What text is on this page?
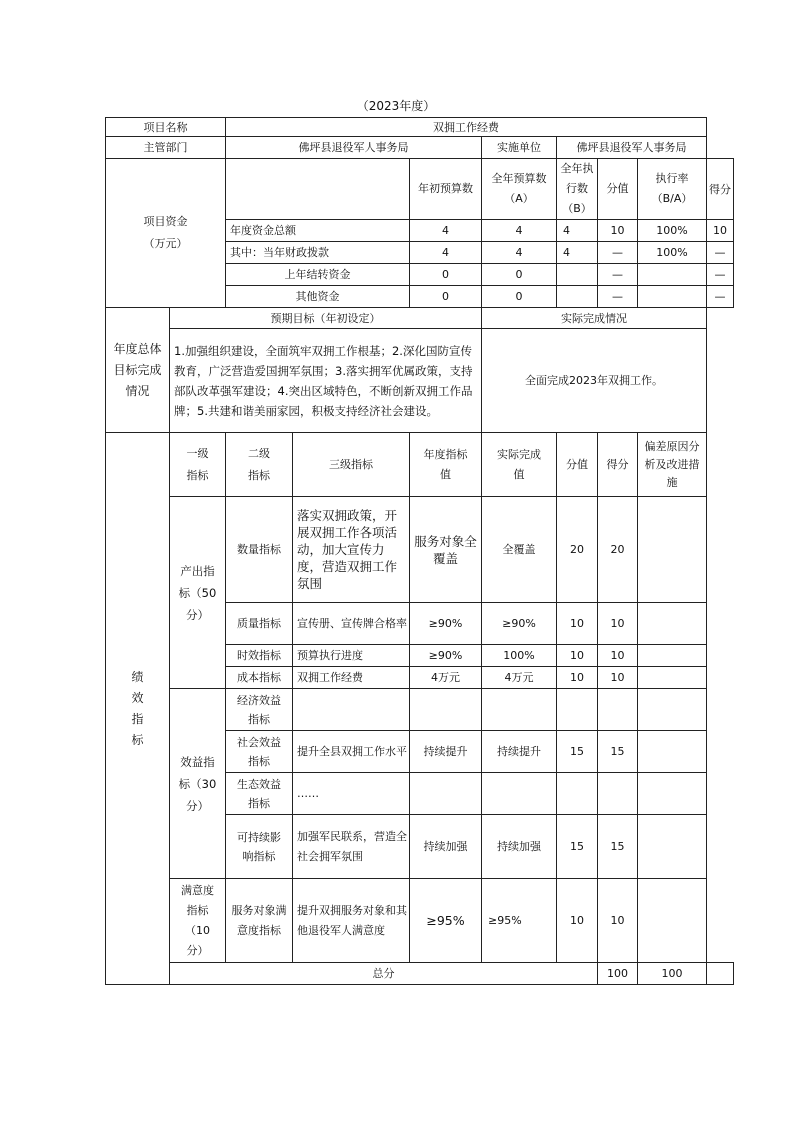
（2023年度）
项目名称		双拥工作经费							
主管部门		佛坪县退役军人事务局			实施单位	佛坪县退役军人事务局			
项目资金
（万元）				年初预算数	全年预算数（A）	全年执行数（B）	分值	执行率（B/A）	得分
		年度资金总额		4	4	4	10	100%	10
		其中：当年财政拨款		4	4	4	—	100%	—
		上年结转资金		0	0		—		—
		其他资金		0	0		—		—
年度总体目标完成情况	预期目标（年初设定）				实际完成情况				
	1.加强组织建设，全面筑牢双拥工作根基；2.深化国防宣传教育，广泛营造爱国拥军氛围；3.落实拥军优属政策，支持部队改革强军建设；4.突出区域特色，不断创新双拥工作品牌；5.共建和谐美丽家园，积极支持经济社会建设。				全面完成2023年双拥工作。				
绩效指标	一级指标	二级指标	三级指标	年度指标值	实际完成值	分值	得分	偏差原因分析及改进措施	
	产出指标（50分）	数量指标	落实双拥政策，开展双拥工作各项活动，加大宣传力度，营造双拥工作氛围	服务对象全覆盖	全覆盖	20	20		
		质量指标	宣传册、宣传牌合格率	≥90%	≥90%	10	10		
		时效指标	预算执行进度	≥90%	100%	10	10		
		成本指标	双拥工作经费	4万元	4万元	10	10		
	效益指标（30分）	经济效益指标							
		社会效益指标	提升全县双拥工作水平	持续提升	持续提升	15	15		
		生态效益指标	……						
		可持续影响指标	加强军民联系，营造全社会拥军氛围	持续加强	持续加强	15	15		
	满意度指标（10分）	服务对象满意度指标	提升双拥服务对象和其他退役军人满意度	≥95%	≥95%	10	10		
	总分						100	100	
